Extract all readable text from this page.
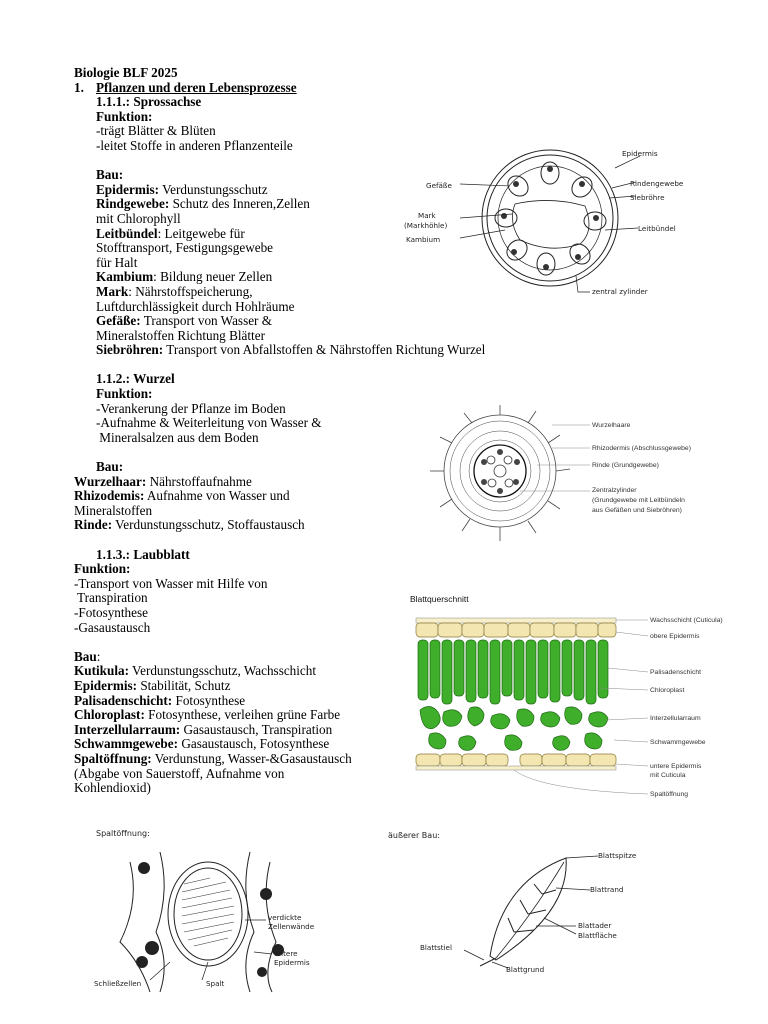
Biologie BLF 2025
1. Pflanzen und deren Lebensprozesse
1.1.1.: Sprossachse
Funktion:
-trägt Blätter & Blüten
-leitet Stoffe in anderen Pflanzenteile
Bau:
Epidermis: Verdunstungsschutz
Rindgewebe: Schutz des Inneren,Zellen
mit Chlorophyll
Leitbündel: Leitgewebe für
Stofftransport, Festigungsgewebe
für Halt
Kambium: Bildung neuer Zellen
Mark: Nährstoffspeicherung,
Luftdurchlässigkeit durch Hohlräume
Gefäße: Transport von Wasser &
Mineralstoffen Richtung Blätter
Siebröhren: Transport von Abfallstoffen & Nährstoffen Richtung Wurzel
1.1.2.: Wurzel
Funktion:
-Verankerung der Pflanze im Boden
-Aufnahme & Weiterleitung von Wasser &
Mineralsalzen aus dem Boden
Bau:
Wurzelhaar: Nährstoffaufnahme
Rhizodemis: Aufnahme von Wasser und
Mineralstoffen
Rinde: Verdunstungsschutz, Stoffaustausch
1.1.3.: Laubblatt
Funktion:
-Transport von Wasser mit Hilfe von
Transpiration
-Fotosynthese
-Gasaustausch
Bau:
Kutikula: Verdunstungsschutz, Wachsschicht
Epidermis: Stabilität, Schutz
Palisadenschicht: Fotosynthese
Chloroplast: Fotosynthese, verleihen grüne Farbe
Interzellularraum: Gasaustausch, Transpiration
Schwammgewebe: Gasaustausch, Fotosynthese
Spaltöffnung: Verdunstung, Wasser-&Gasaustausch
(Abgabe von Sauerstoff, Aufnahme von
Kohlendioxid)
Epidermis
Rindengewebe
Siebröhre
Leitbündel
Gefäße
Mark
(Markhöhle)
Kambium
zentral zylinder
Wurzelhaare
Rhizodermis (Abschlussgewebe)
Rinde (Grundgewebe)
Zentralzylinder
(Grundgewebe mit Leitbündeln
aus Gefäßen und Siebröhren)
Blattquerschnitt
Wachsschicht (Cuticula)
obere Epidermis
Palisadenschicht
Chloroplast
Interzellularraum
Schwammgewebe
untere Epidermis
mit Cuticula
Spaltöffnung
Spaltöffnung:
verdickte
Zellenwände
untere
Epidermis
Schließzellen	Spalt
äußerer Bau:
Blattspitze
Blattrand
Blattader
Blattfläche
Blattstiel
Blattgrund
